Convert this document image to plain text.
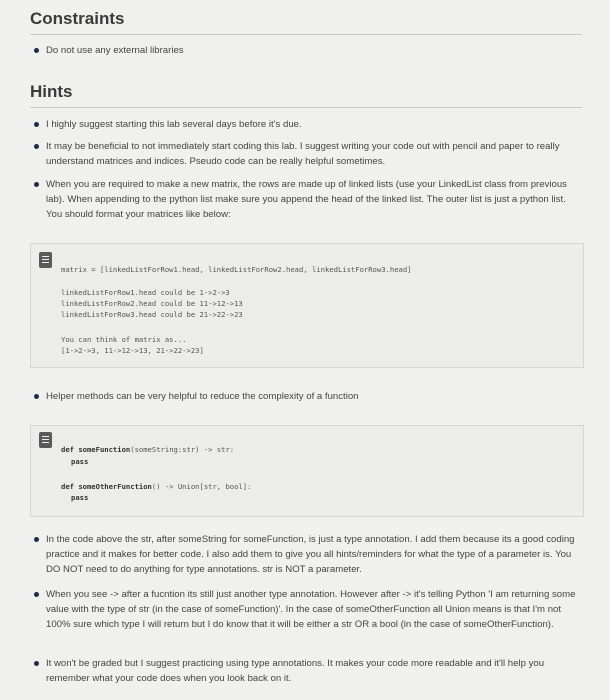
Constraints
Do not use any external libraries
Hints
I highly suggest starting this lab several days before it's due.
It may be beneficial to not immediately start coding this lab. I suggest writing your code out with pencil and paper to really understand matrices and indices. Pseudo code can be really helpful sometimes.
When you are required to make a new matrix, the rows are made up of linked lists (use your LinkedList class from previous lab). When appending to the python list make sure you append the head of the linked list. The outer list is just a python list. You should format your matrices like below:
matrix = [linkedListForRow1.head, linkedListForRow2.head, linkedListForRow3.head]
linkedListForRow1.head could be 1->2->3
linkedListForRow2.head could be 11->12->13
linkedListForRow3.head could be 21->22->23
You can think of matrix as...
[1->2->3, 11->12->13, 21->22->23]
Helper methods can be very helpful to reduce the complexity of a function
def someFunction(someString:str) -> str:
pass
def someOtherFunction() -> Union[str, bool]:
pass
In the code above the str, after someString for someFunction, is just a type annotation. I add them because its a good coding practice and it makes for better code. I also add them to give you all hints/reminders for what the type of a parameter is. You DO NOT need to do anything for type annotations. str is NOT a parameter.
When you see -> after a fucntion its still just another type annotation. However after -> it's telling Python 'I am returning some value with the type of str (in the case of someFunction)'. In the case of someOtherFunction all Union means is that I'm not 100% sure which type I will return but I do know that it will be either a str OR a bool (in the case of someOtherFunction).
It won't be graded but I suggest practicing using type annotations. It makes your code more readable and it'll help you remember what your code does when you look back on it.
